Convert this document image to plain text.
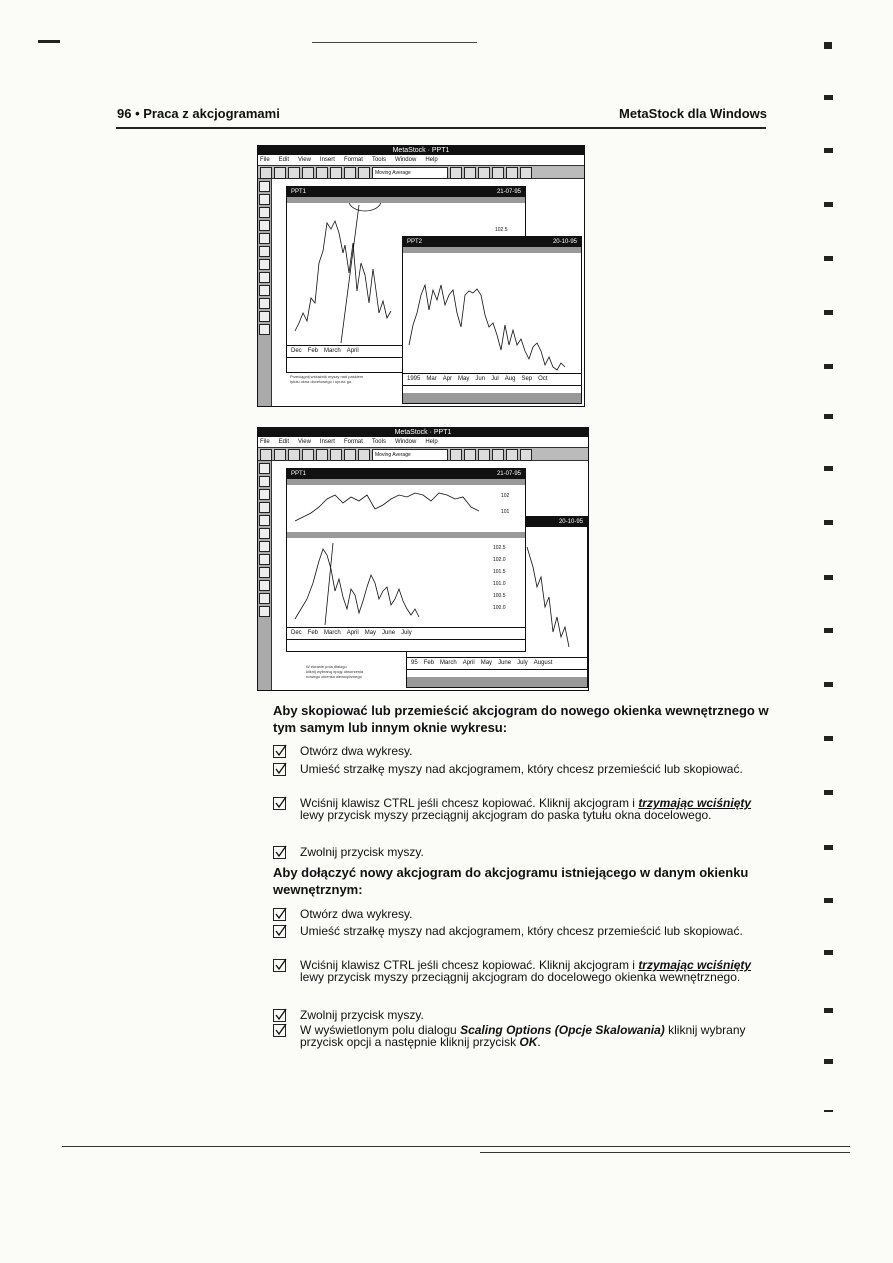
96 • Praca z akcjogramami	MetaStock dla Windows
MetaStock · PPT1
File Edit View Insert Format Tools Window Help
Moving Average
PPT1	21-07-95
102.5
Dec Feb March April
PPT2	20-10-95
1995 Mar Apr May Jun Jul Aug Sep Oct
Przeciągnij wskaźnik myszy nad paskiem
tytułu okna docelowego i upuść go.
MetaStock · PPT1
File Edit View Insert Format Tools Window Help
Moving Average
20-10-95
95 Feb March April May June July August
PPT1	21-07-95
102
101
102.5
102.0
101.5
101.0
100.5
100.0
Dec Feb March April May June July
W ekranie pola dialogu
kliknij wybraną opcję utworzenia
nowego okienka wewnętrznego
Aby skopiować lub przemieścić akcjogram do nowego okienka wewnętrznego w tym samym lub innym oknie wykresu:
Otwórz dwa wykresy.
Umieść strzałkę myszy nad akcjogramem, który chcesz przemieścić lub skopiować.
Wciśnij klawisz CTRL jeśli chcesz kopiować. Kliknij akcjogram i trzymając wciśnięty lewy przycisk myszy przeciągnij akcjogram do paska tytułu okna docelowego.
Zwolnij przycisk myszy.
Aby dołączyć nowy akcjogram do akcjogramu istniejącego w danym okienku wewnętrznym:
Otwórz dwa wykresy.
Umieść strzałkę myszy nad akcjogramem, który chcesz przemieścić lub skopiować.
Wciśnij klawisz CTRL jeśli chcesz kopiować. Kliknij akcjogram i trzymając wciśnięty lewy przycisk myszy przeciągnij akcjogram do docelowego okienka wewnętrznego.
Zwolnij przycisk myszy.
W wyświetlonym polu dialogu Scaling Options (Opcje Skalowania) kliknij wybrany przycisk opcji a następnie kliknij przycisk OK.
